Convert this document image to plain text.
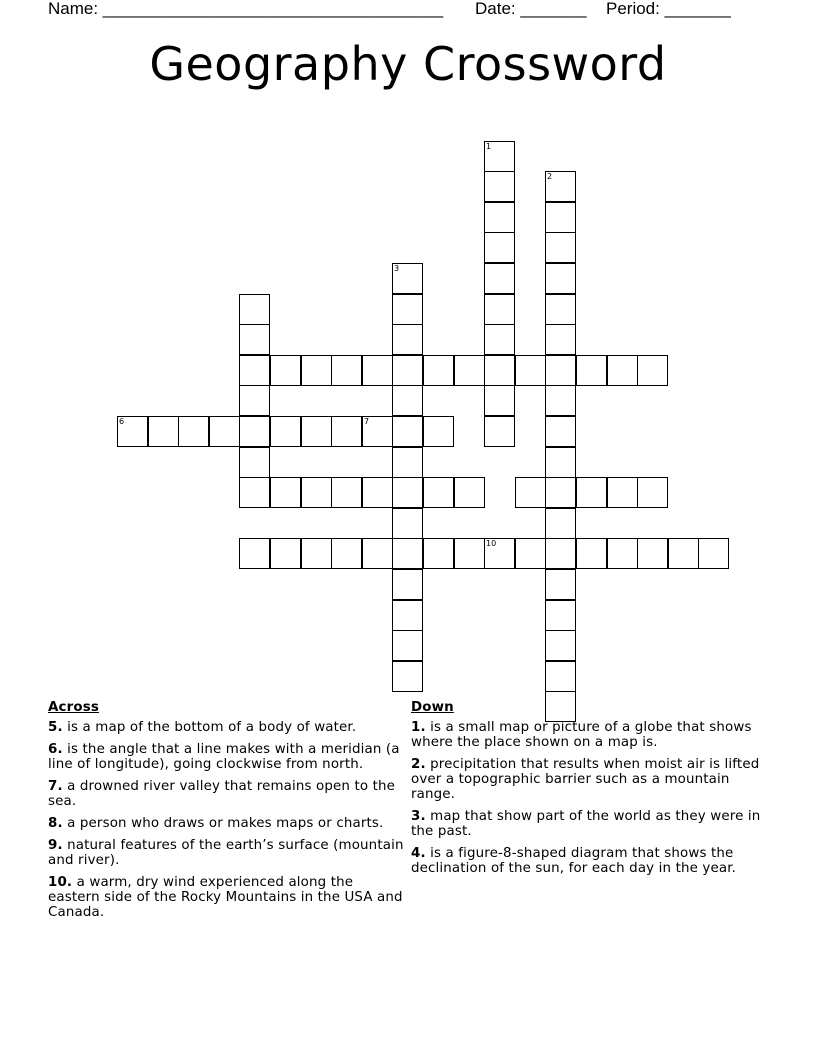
Name: ____________________________________ Date: _______ Period: _______
Geography Crossword
1
2
3
6	7
10
Across
5. is a map of the bottom of a body of water.
6. is the angle that a line makes with a meridian (a line of longitude), going clockwise from north.
7. a drowned river valley that remains open to the sea.
8. a person who draws or makes maps or charts.
9. natural features of the earth’s surface (mountain and river).
10. a warm, dry wind experienced along the eastern side of the Rocky Mountains in the USA and Canada.
Down
1. is a small map or picture of a globe that shows where the place shown on a map is.
2. precipitation that results when moist air is lifted over a topographic barrier such as a mountain range.
3. map that show part of the world as they were in the past.
4. is a figure-8-shaped diagram that shows the declination of the sun, for each day in the year.
